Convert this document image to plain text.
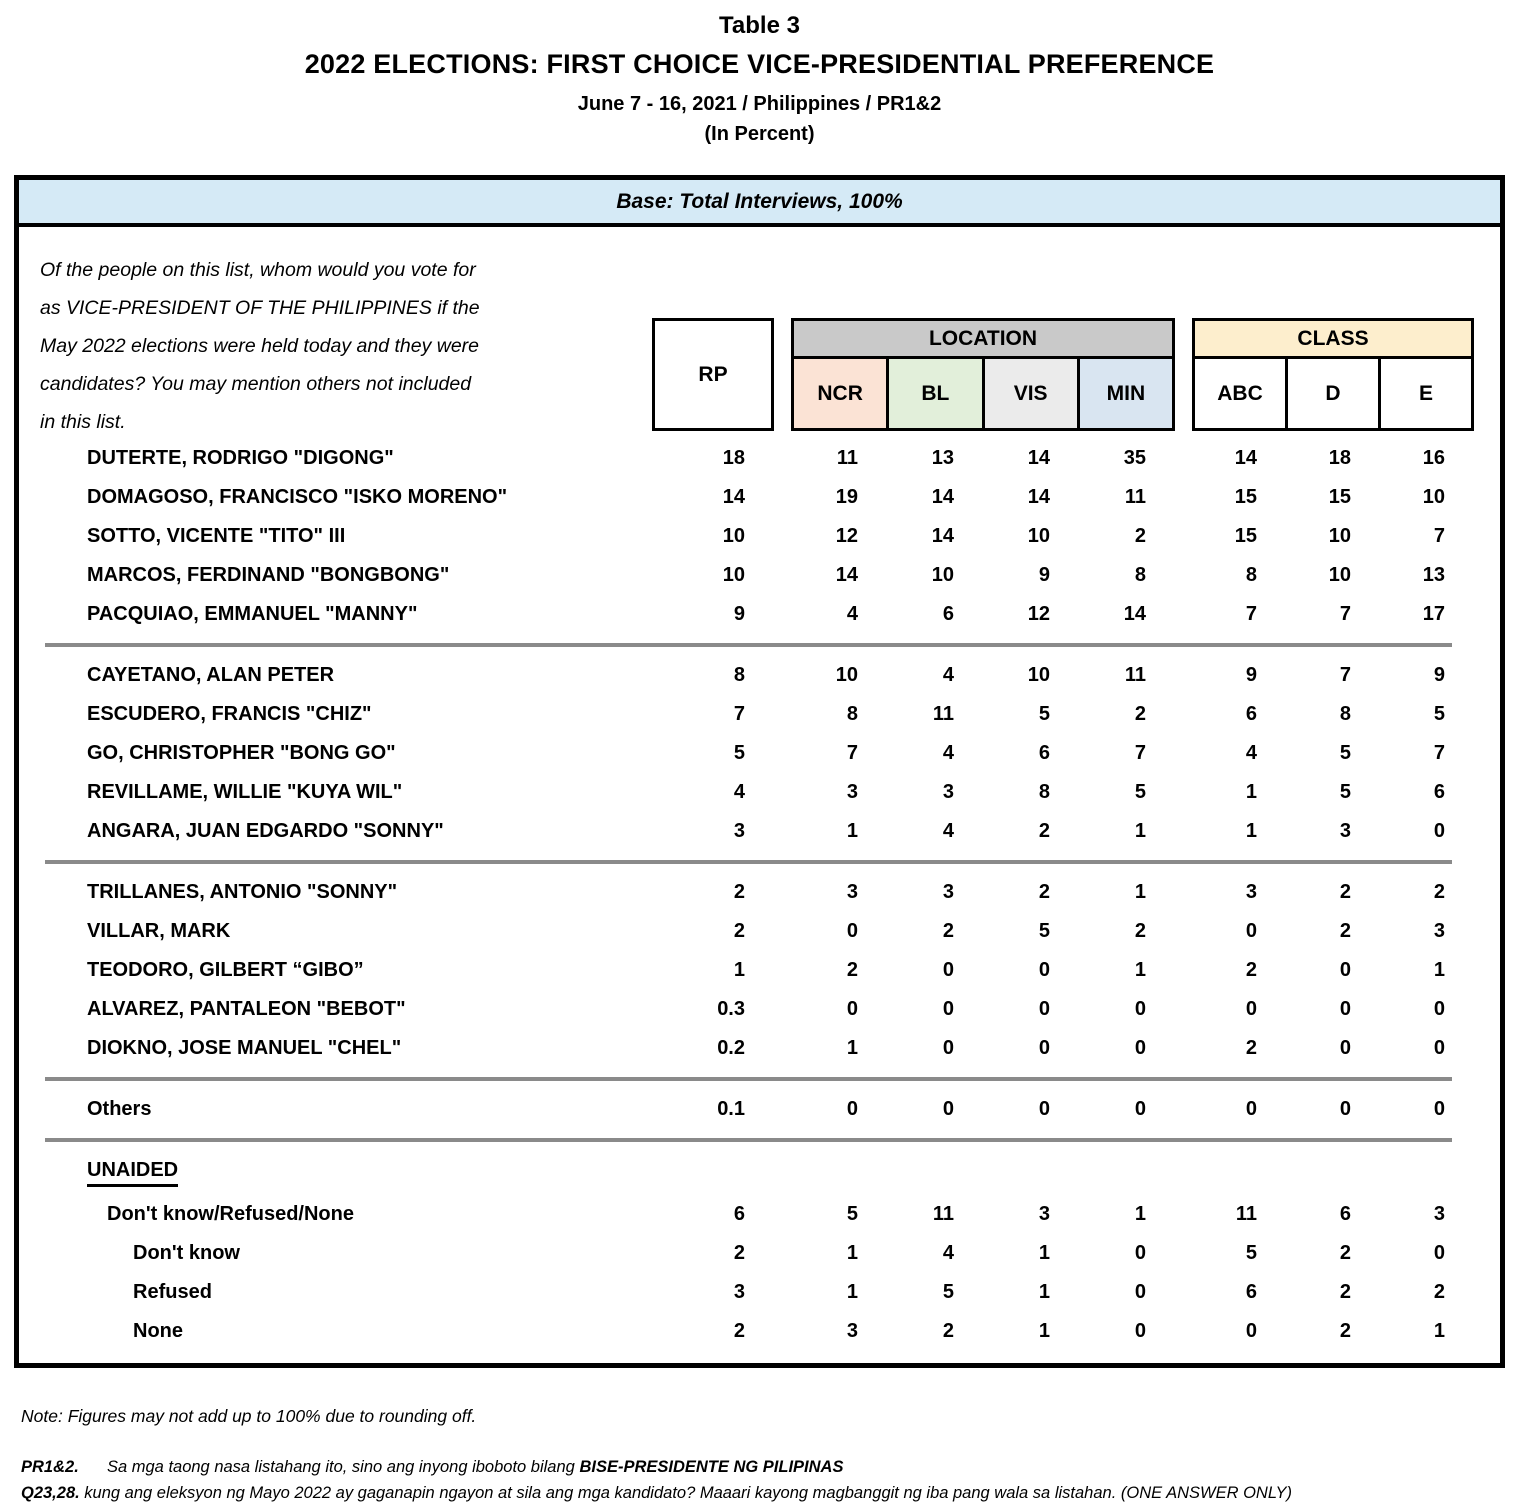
Table 3
2022 ELECTIONS: FIRST CHOICE VICE-PRESIDENTIAL PREFERENCE
June 7 - 16, 2021 / Philippines / PR1&2
(In Percent)
Base: Total Interviews, 100%
Of the people on this list, whom would you vote for
as VICE-PRESIDENT OF THE PHILIPPINES if the
May 2022 elections were held today and they were
candidates? You may mention others not included
in this list.
RP
LOCATION
NCR	BL	VIS	MIN
CLASS
ABC	D	E
DUTERTE, RODRIGO "DIGONG"	18	11	13	14	35	14	18	16
DOMAGOSO, FRANCISCO "ISKO MORENO"	14	19	14	14	11	15	15	10
SOTTO, VICENTE "TITO" III	10	12	14	10	2	15	10	7
MARCOS, FERDINAND "BONGBONG"	10	14	10	9	8	8	10	13
PACQUIAO, EMMANUEL "MANNY"	9	4	6	12	14	7	7	17
CAYETANO, ALAN PETER	8	10	4	10	11	9	7	9
ESCUDERO, FRANCIS "CHIZ"	7	8	11	5	2	6	8	5
GO, CHRISTOPHER "BONG GO"	5	7	4	6	7	4	5	7
REVILLAME, WILLIE "KUYA WIL"	4	3	3	8	5	1	5	6
ANGARA, JUAN EDGARDO "SONNY"	3	1	4	2	1	1	3	0
TRILLANES, ANTONIO "SONNY"	2	3	3	2	1	3	2	2
VILLAR, MARK	2	0	2	5	2	0	2	3
TEODORO, GILBERT “GIBO”	1	2	0	0	1	2	0	1
ALVAREZ, PANTALEON "BEBOT"	0.3	0	0	0	0	0	0	0
DIOKNO, JOSE MANUEL "CHEL"	0.2	1	0	0	0	2	0	0
Others	0.1	0	0	0	0	0	0	0
UNAIDED
Don't know/Refused/None	6	5	11	3	1	11	6	3
Don't know	2	1	4	1	0	5	2	0
Refused	3	1	5	1	0	6	2	2
None	2	3	2	1	0	0	2	1
Note: Figures may not add up to 100% due to rounding off.
PR1&2. Sa mga taong nasa listahang ito, sino ang inyong iboboto bilang BISE-PRESIDENTE NG PILIPINAS
Q23,28. kung ang eleksyon ng Mayo 2022 ay gaganapin ngayon at sila ang mga kandidato? Maaari kayong magbanggit ng iba pang wala sa listahan. (ONE ANSWER ONLY)
